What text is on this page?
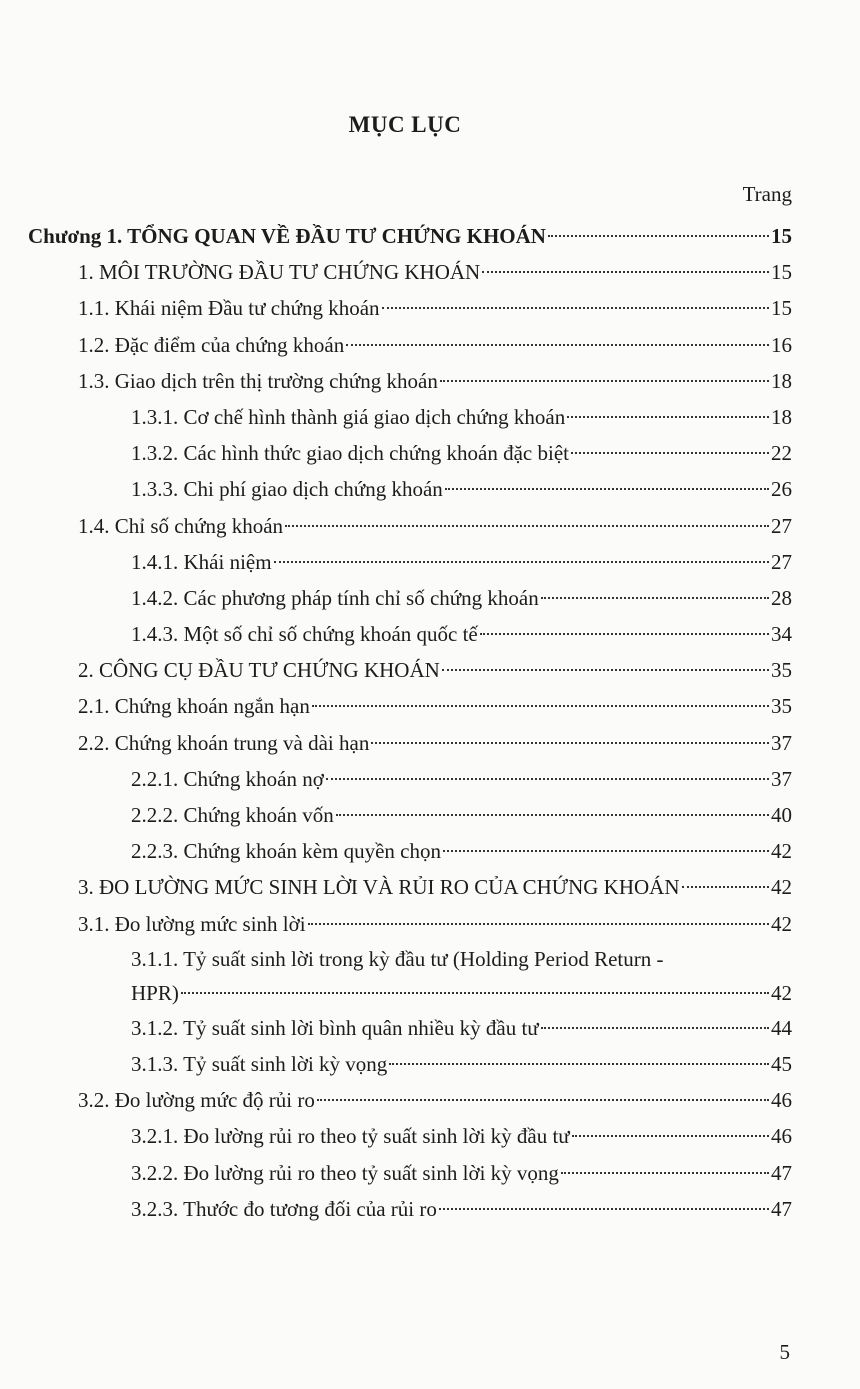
MỤC LỤC
Trang
Chương 1. TỔNG QUAN VỀ ĐẦU TƯ CHỨNG KHOÁN	15
1. MÔI TRƯỜNG ĐẦU TƯ CHỨNG KHOÁN	15
1.1. Khái niệm Đầu tư chứng khoán	15
1.2. Đặc điểm của chứng khoán	16
1.3. Giao dịch trên thị trường chứng khoán	18
1.3.1. Cơ chế hình thành giá giao dịch chứng khoán	18
1.3.2. Các hình thức giao dịch chứng khoán đặc biệt	22
1.3.3. Chi phí giao dịch chứng khoán	26
1.4. Chỉ số chứng khoán	27
1.4.1. Khái niệm	27
1.4.2. Các phương pháp tính chỉ số chứng khoán	28
1.4.3. Một số chỉ số chứng khoán quốc tế	34
2. CÔNG CỤ ĐẦU TƯ CHỨNG KHOÁN	35
2.1. Chứng khoán ngắn hạn	35
2.2. Chứng khoán trung và dài hạn	37
2.2.1. Chứng khoán nợ	37
2.2.2. Chứng khoán vốn	40
2.2.3. Chứng khoán kèm quyền chọn	42
3. ĐO LƯỜNG MỨC SINH LỜI VÀ RỦI RO CỦA CHỨNG KHOÁN	42
3.1. Đo lường mức sinh lời	42
3.1.1. Tỷ suất sinh lời trong kỳ đầu tư (Holding Period Return -
HPR)	42
3.1.2. Tỷ suất sinh lời bình quân nhiều kỳ đầu tư	44
3.1.3. Tỷ suất sinh lời kỳ vọng	45
3.2. Đo lường mức độ rủi ro	46
3.2.1. Đo lường rủi ro theo tỷ suất sinh lời kỳ đầu tư	46
3.2.2. Đo lường rủi ro theo tỷ suất sinh lời kỳ vọng	47
3.2.3. Thước đo tương đối của rủi ro	47
5
